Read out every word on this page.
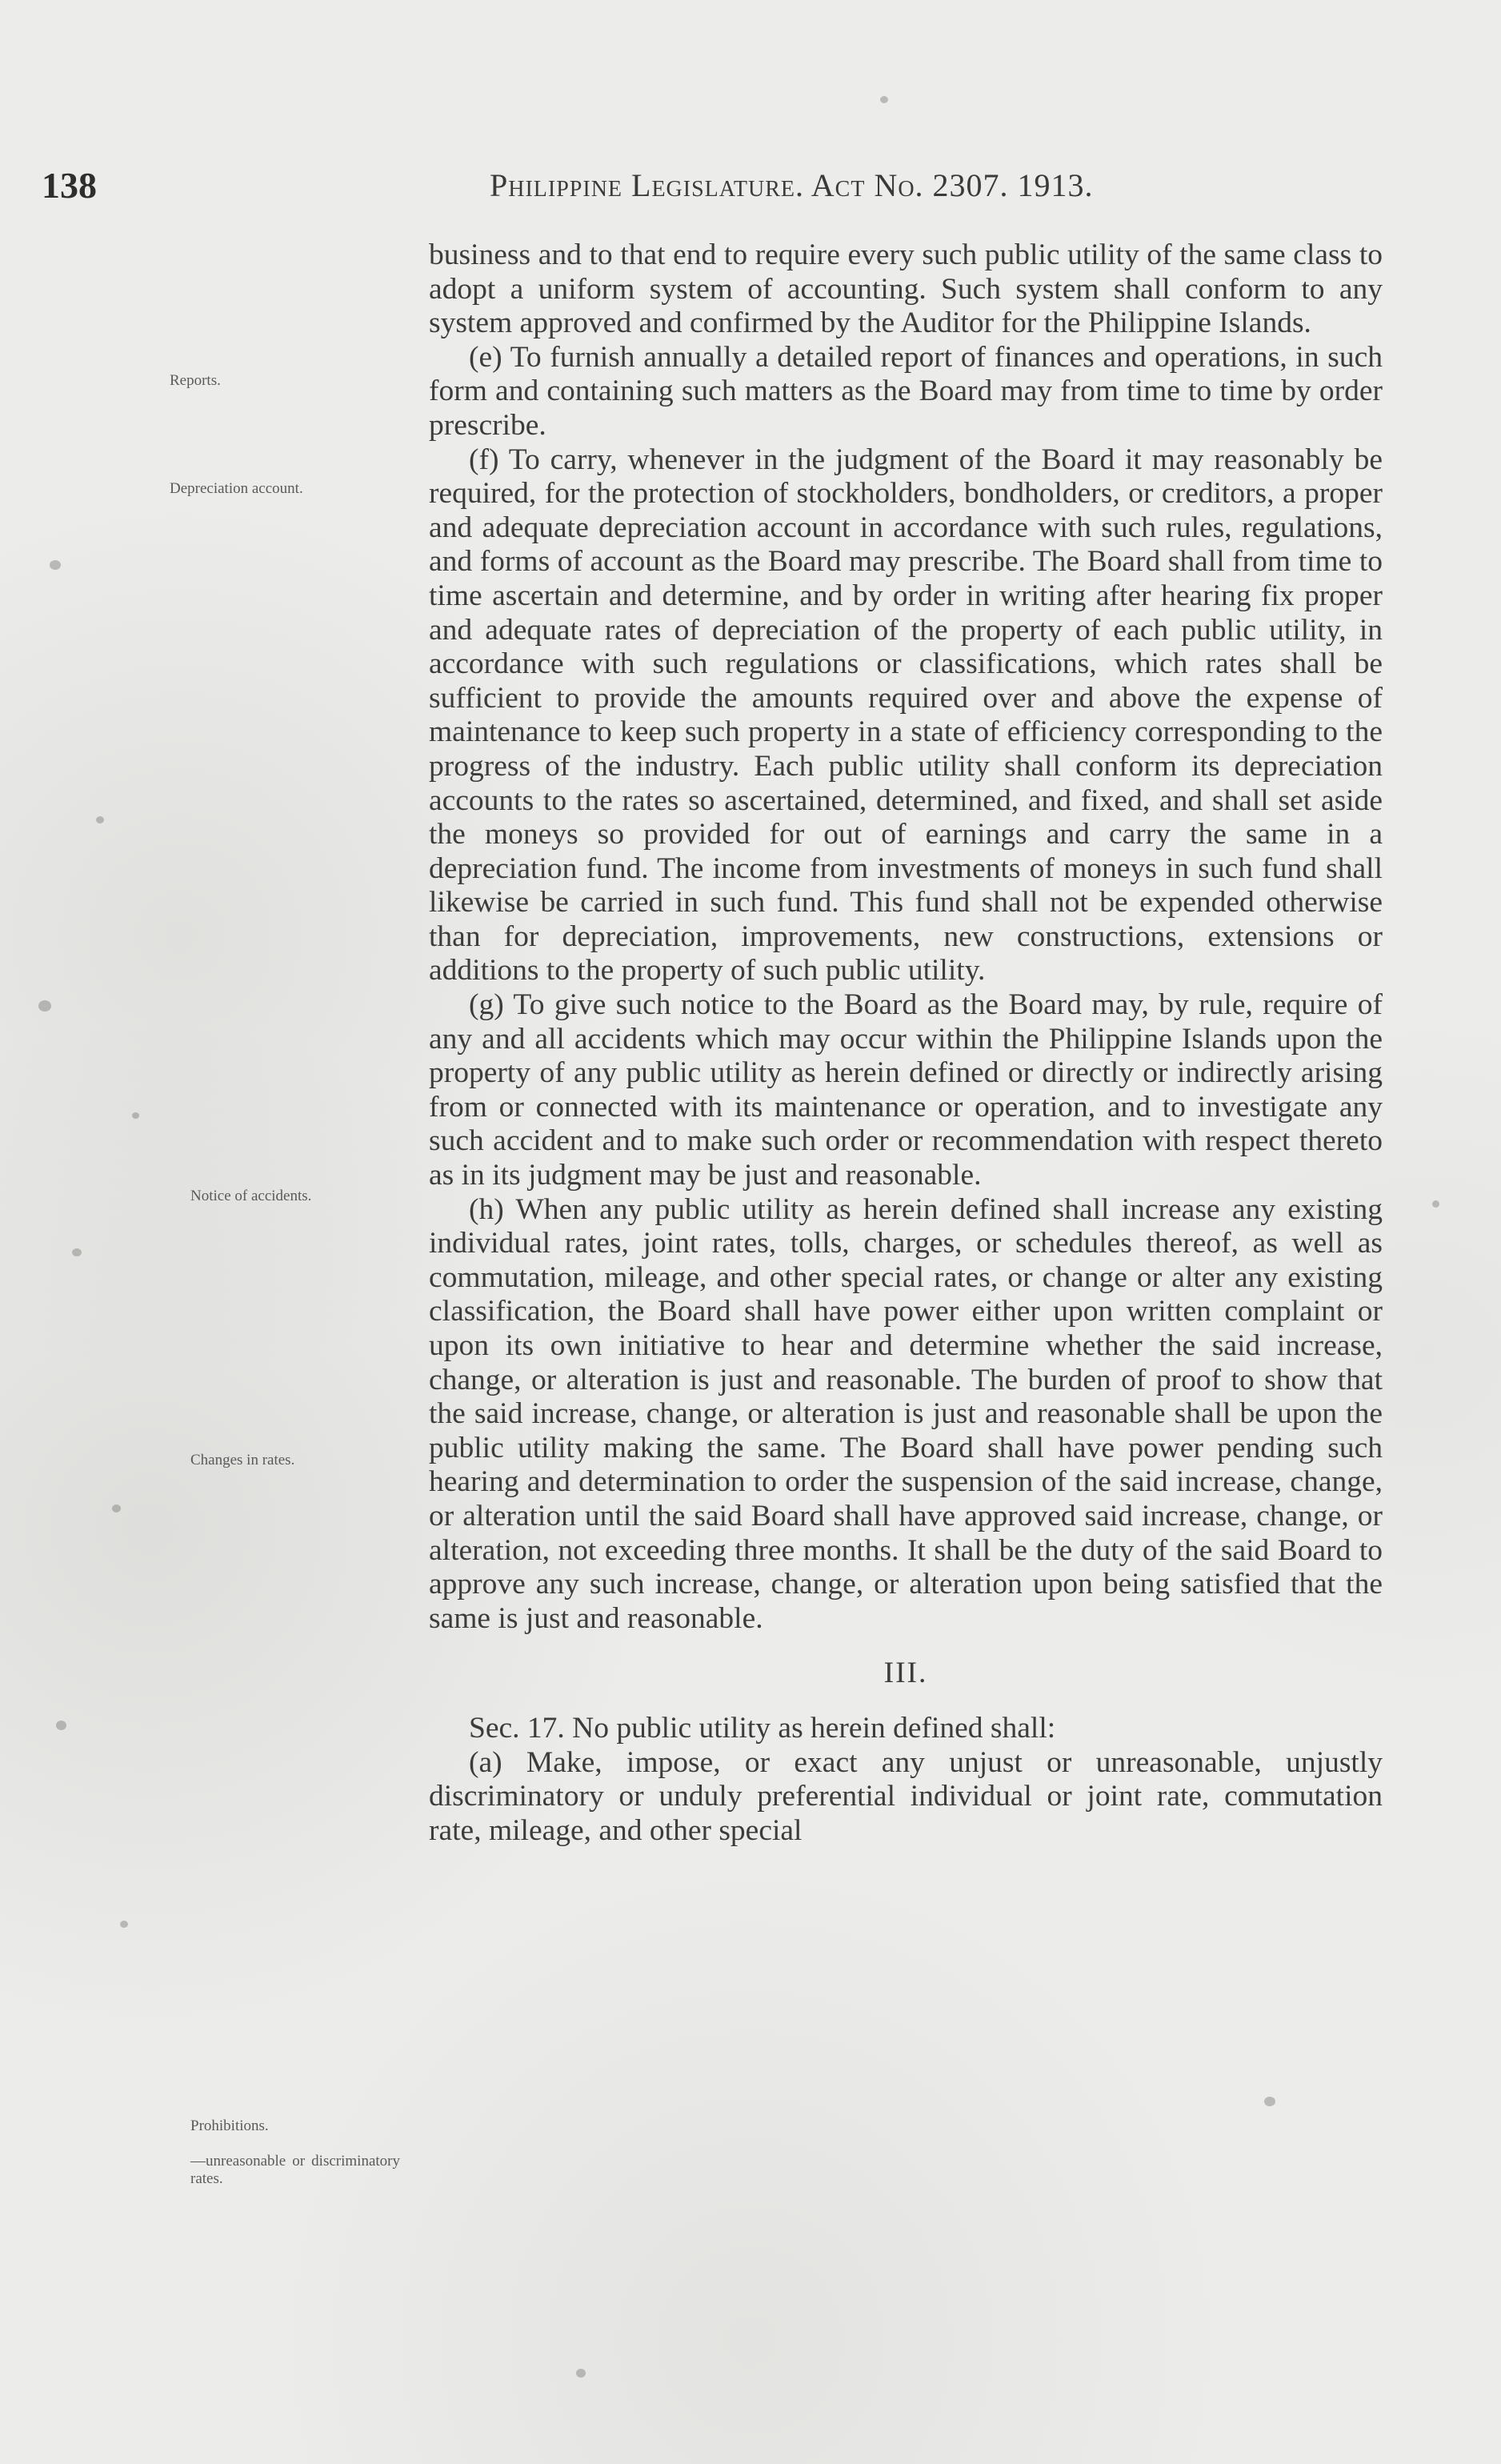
138	Philippine Legislature. Act No. 2307. 1913.
Reports.
Depreciation account.
Notice of accidents.
Changes in rates.
Prohibitions.
—unreasonable or discriminatory rates.

business and to that end to require every such public utility of the same class to adopt a uniform system of accounting. Such system shall conform to any system approved and confirmed by the Auditor for the Philippine Islands.

(e) To furnish annually a detailed report of finances and operations, in such form and containing such matters as the Board may from time to time by order prescribe.

(f) To carry, whenever in the judgment of the Board it may reasonably be required, for the protection of stockholders, bondholders, or creditors, a proper and adequate depreciation account in accordance with such rules, regulations, and forms of account as the Board may prescribe. The Board shall from time to time ascertain and determine, and by order in writing after hearing fix proper and adequate rates of depreciation of the property of each public utility, in accordance with such regulations or classifications, which rates shall be sufficient to provide the amounts required over and above the expense of maintenance to keep such property in a state of efficiency corresponding to the progress of the industry. Each public utility shall conform its depreciation accounts to the rates so ascertained, determined, and fixed, and shall set aside the moneys so provided for out of earnings and carry the same in a depreciation fund. The income from investments of moneys in such fund shall likewise be carried in such fund. This fund shall not be expended otherwise than for depreciation, improvements, new constructions, extensions or additions to the property of such public utility.

(g) To give such notice to the Board as the Board may, by rule, require of any and all accidents which may occur within the Philippine Islands upon the property of any public utility as herein defined or directly or indirectly arising from or connected with its maintenance or operation, and to investigate any such accident and to make such order or recommendation with respect thereto as in its judgment may be just and reasonable.

(h) When any public utility as herein defined shall increase any existing individual rates, joint rates, tolls, charges, or schedules thereof, as well as commutation, mileage, and other special rates, or change or alter any existing classification, the Board shall have power either upon written complaint or upon its own initiative to hear and determine whether the said increase, change, or alteration is just and reasonable. The burden of proof to show that the said increase, change, or alteration is just and reasonable shall be upon the public utility making the same. The Board shall have power pending such hearing and determination to order the suspension of the said increase, change, or alteration until the said Board shall have approved said increase, change, or alteration, not exceeding three months. It shall be the duty of the said Board to approve any such increase, change, or alteration upon being satisfied that the same is just and reasonable.

III.

Sec. 17. No public utility as herein defined shall:

(a) Make, impose, or exact any unjust or unreasonable, unjustly discriminatory or unduly preferential individual or joint rate, commutation rate, mileage, and other special
